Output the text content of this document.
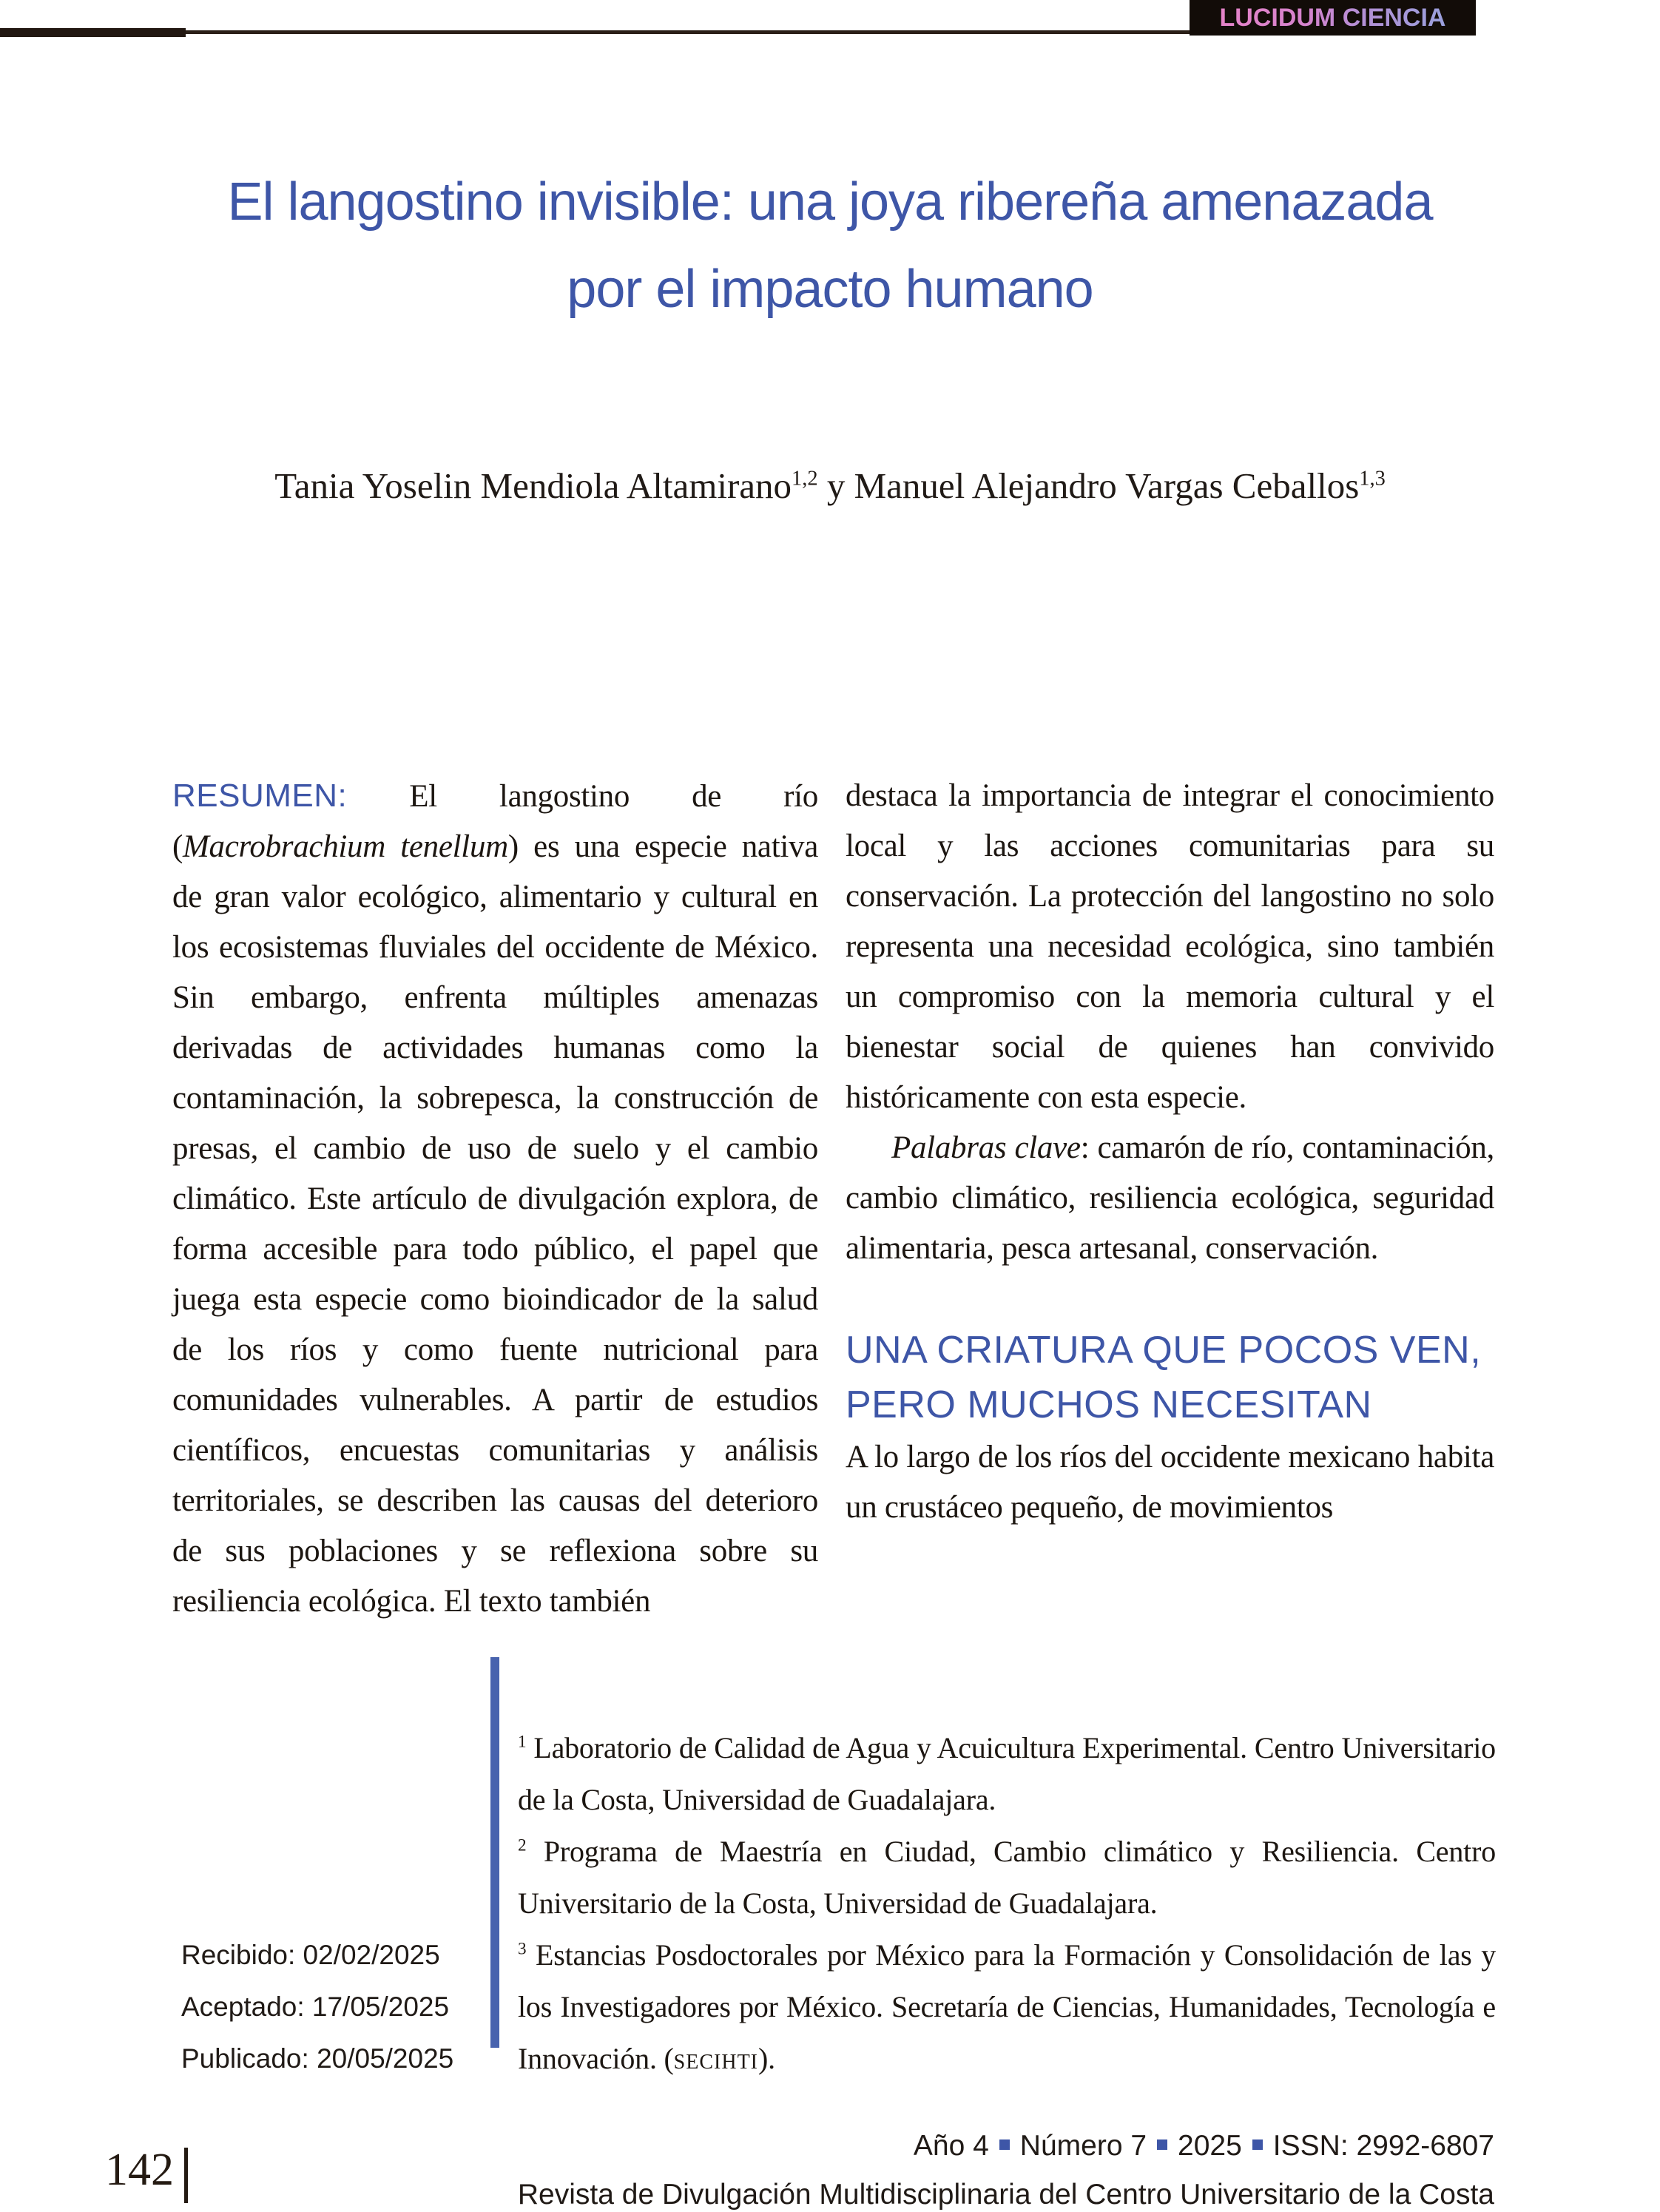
LUCIDUM CIENCIA
El langostino invisible: una joya ribereña amenazada
por el impacto humano
Tania Yoselin Mendiola Altamirano$^{1,2}$ y Manuel Alejandro Vargas Ceballos$^{1,3}$

RESUMEN: El langostino de río (Macrobrachium tenellum) es una especie nativa de gran valor ecológico, alimentario y cultural en los ecosistemas fluviales del occidente de México. Sin embargo, enfrenta múltiples amenazas derivadas de actividades humanas como la contaminación, la sobrepesca, la construcción de presas, el cambio de uso de suelo y el cambio climático. Este artículo de divulgación explora, de forma accesible para todo público, el papel que juega esta especie como bioindicador de la salud de los ríos y como fuente nutricional para comunidades vulnerables. A partir de estudios científicos, encuestas comunitarias y análisis territoriales, se describen las causas del deterioro de sus poblaciones y se reflexiona sobre su resiliencia ecológica. El texto también

destaca la importancia de integrar el conocimiento local y las acciones comunitarias para su conservación. La protección del langostino no solo representa una necesidad ecológica, sino también un compromiso con la memoria cultural y el bienestar social de quienes han convivido históricamente con esta especie.

Palabras clave: camarón de río, contaminación, cambio climático, resiliencia ecológica, seguridad alimentaria, pesca artesanal, conservación.

UNA CRIATURA QUE POCOS VEN,
PERO MUCHOS NECESITAN

A lo largo de los ríos del occidente mexicano habita un crustáceo pequeño, de movimientos

Recibido: 02/02/2025
Aceptado: 17/05/2025
Publicado: 20/05/2025

$^1$ Laboratorio de Calidad de Agua y Acuicultura Experimental. Centro Universitario de la Costa, Universidad de Guadalajara.

$^2$ Programa de Maestría en Ciudad, Cambio climático y Resiliencia. Centro Universitario de la Costa, Universidad de Guadalajara.

$^3$ Estancias Posdoctorales por México para la Formación y Consolidación de las y los Investigadores por México. Secretaría de Ciencias, Humanidades, Tecnología e Innovación. (secihti).

142	Año 4 Número 7 2025 ISSN: 2992-6807
Revista de Divulgación Multidisciplinaria del Centro Universitario de la Costa
